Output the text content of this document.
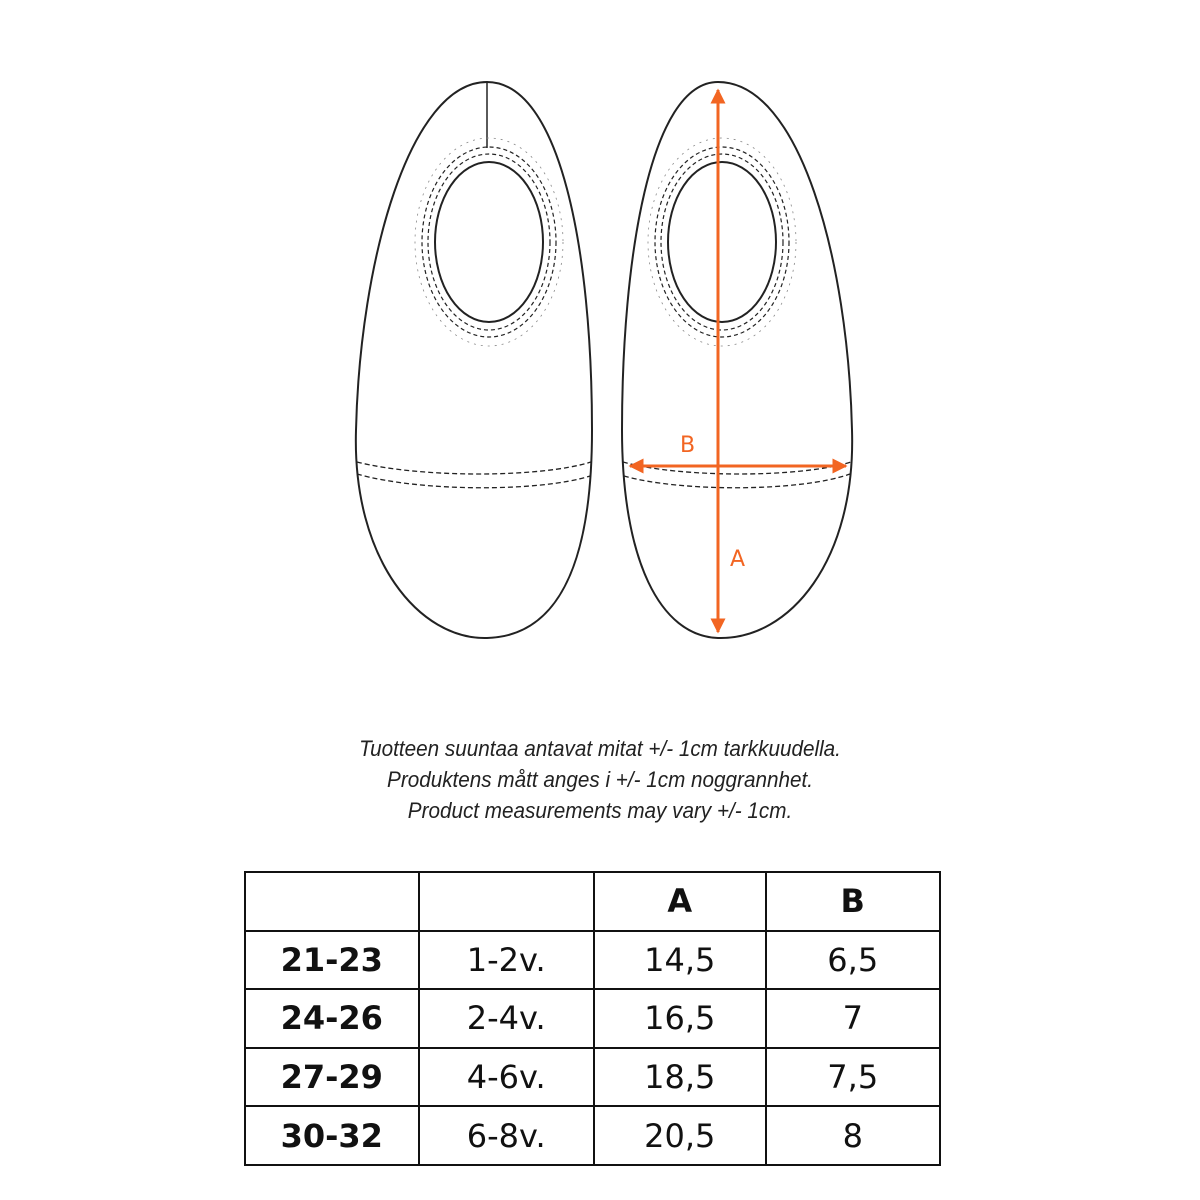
B
A
Tuotteen suuntaa antavat mitat +/- 1cm tarkkuudella.
Produktens mått anges i +/- 1cm noggrannhet.
Product measurements may vary +/- 1cm.
		A	B
21-23	1-2v.	14,5	6,5
24-26	2-4v.	16,5	7
27-29	4-6v.	18,5	7,5
30-32	6-8v.	20,5	8
